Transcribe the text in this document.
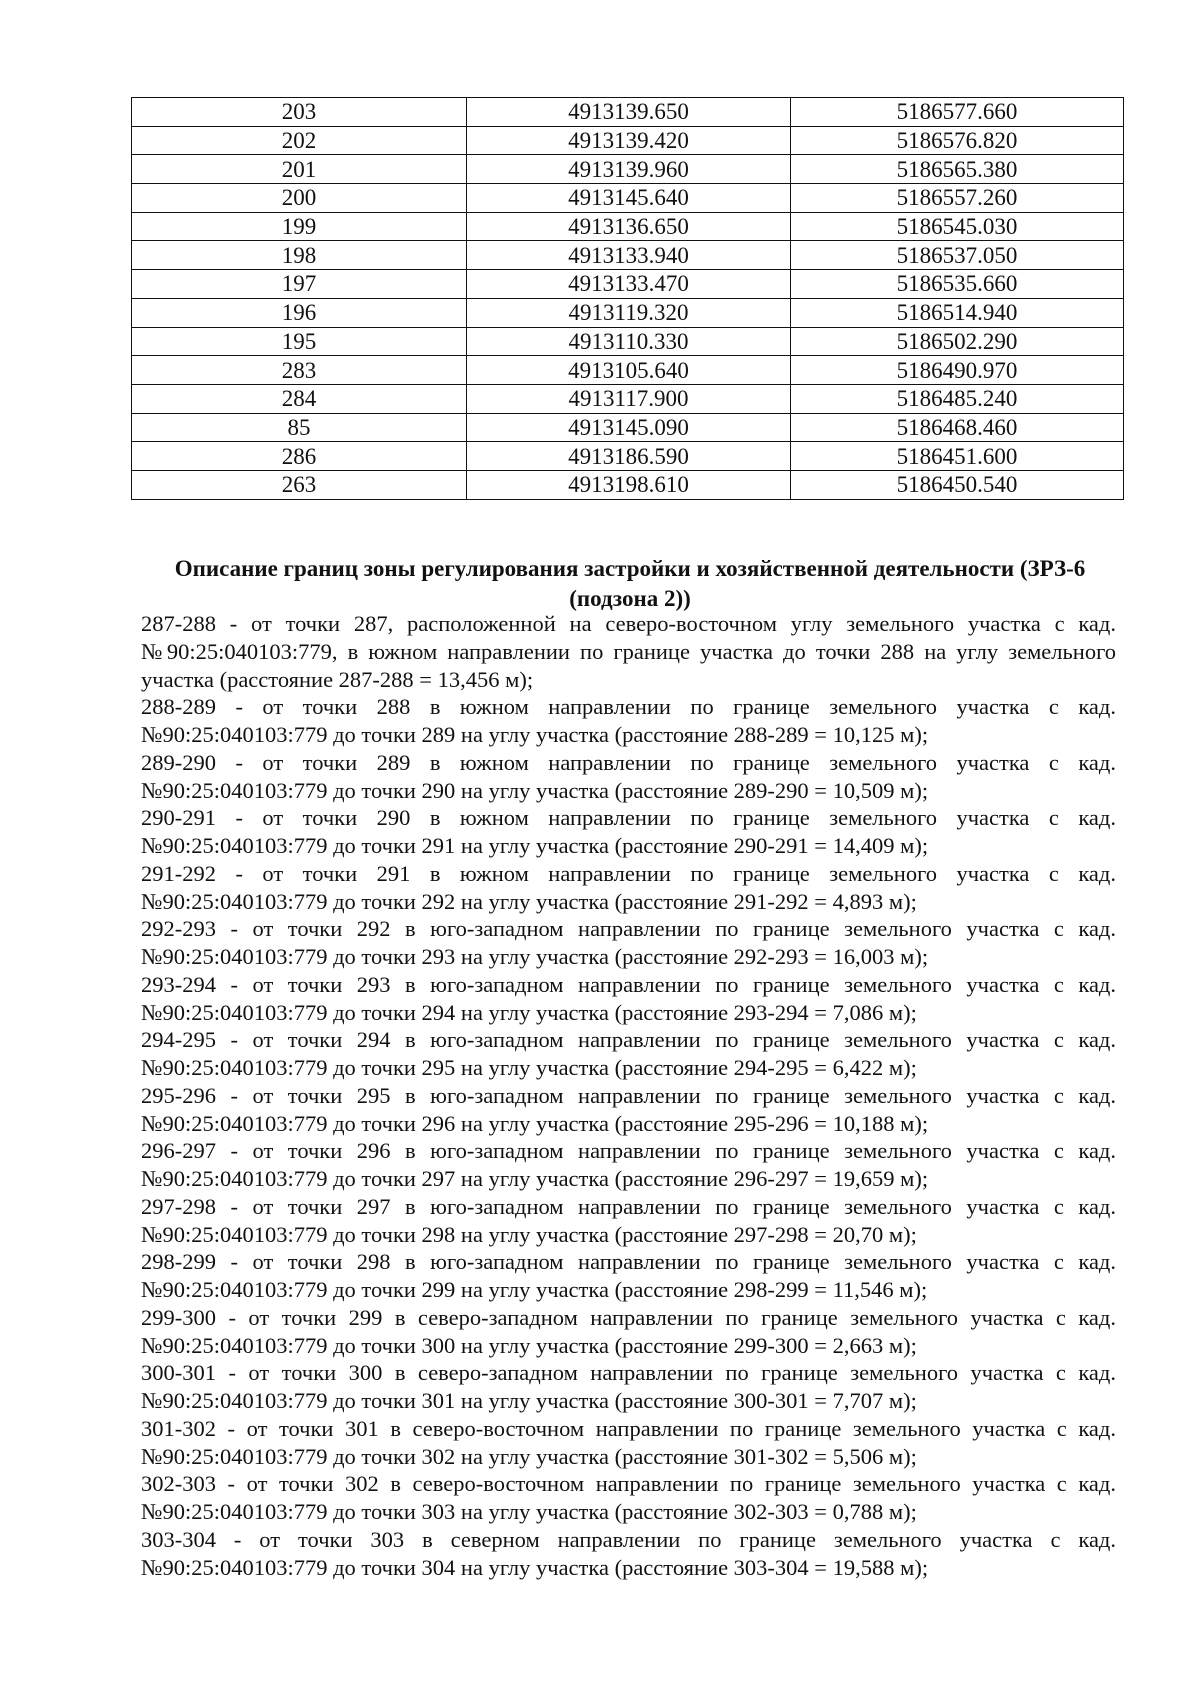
203	4913139.650	5186577.660
202	4913139.420	5186576.820
201	4913139.960	5186565.380
200	4913145.640	5186557.260
199	4913136.650	5186545.030
198	4913133.940	5186537.050
197	4913133.470	5186535.660
196	4913119.320	5186514.940
195	4913110.330	5186502.290
283	4913105.640	5186490.970
284	4913117.900	5186485.240
85	4913145.090	5186468.460
286	4913186.590	5186451.600
263	4913198.610	5186450.540
Описание границ зоны регулирования застройки и хозяйственной деятельности (ЗРЗ-6 (подзона 2))

287-288 - от точки 287, расположенной на северо-восточном углу земельного участка с кад. №90:25:040103:779, в южном направлении по границе участка до точки 288 на углу земельного участка (расстояние 287-288 = 13,456 м);

288-289 - от точки 288 в южном направлении по границе земельного участка с кад. №90:25:040103:779 до точки 289 на углу участка (расстояние 288-289 = 10,125 м);

289-290 - от точки 289 в южном направлении по границе земельного участка с кад. №90:25:040103:779 до точки 290 на углу участка (расстояние 289-290 = 10,509 м);

290-291 - от точки 290 в южном направлении по границе земельного участка с кад. №90:25:040103:779 до точки 291 на углу участка (расстояние 290-291 = 14,409 м);

291-292 - от точки 291 в южном направлении по границе земельного участка с кад. №90:25:040103:779 до точки 292 на углу участка (расстояние 291-292 = 4,893 м);

292-293 - от точки 292 в юго-западном направлении по границе земельного участка с кад. №90:25:040103:779 до точки 293 на углу участка (расстояние 292-293 = 16,003 м);

293-294 - от точки 293 в юго-западном направлении по границе земельного участка с кад. №90:25:040103:779 до точки 294 на углу участка (расстояние 293-294 = 7,086 м);

294-295 - от точки 294 в юго-западном направлении по границе земельного участка с кад. №90:25:040103:779 до точки 295 на углу участка (расстояние 294-295 = 6,422 м);

295-296 - от точки 295 в юго-западном направлении по границе земельного участка с кад. №90:25:040103:779 до точки 296 на углу участка (расстояние 295-296 = 10,188 м);

296-297 - от точки 296 в юго-западном направлении по границе земельного участка с кад. №90:25:040103:779 до точки 297 на углу участка (расстояние 296-297 = 19,659 м);

297-298 - от точки 297 в юго-западном направлении по границе земельного участка с кад. №90:25:040103:779 до точки 298 на углу участка (расстояние 297-298 = 20,70 м);

298-299 - от точки 298 в юго-западном направлении по границе земельного участка с кад. №90:25:040103:779 до точки 299 на углу участка (расстояние 298-299 = 11,546 м);

299-300 - от точки 299 в северо-западном направлении по границе земельного участка с кад. №90:25:040103:779 до точки 300 на углу участка (расстояние 299-300 = 2,663 м);

300-301 - от точки 300 в северо-западном направлении по границе земельного участка с кад. №90:25:040103:779 до точки 301 на углу участка (расстояние 300-301 = 7,707 м);

301-302 - от точки 301 в северо-восточном направлении по границе земельного участка с кад. №90:25:040103:779 до точки 302 на углу участка (расстояние 301-302 = 5,506 м);

302-303 - от точки 302 в северо-восточном направлении по границе земельного участка с кад. №90:25:040103:779 до точки 303 на углу участка (расстояние 302-303 = 0,788 м);

303-304 - от точки 303 в северном направлении по границе земельного участка с кад. №90:25:040103:779 до точки 304 на углу участка (расстояние 303-304 = 19,588 м);
